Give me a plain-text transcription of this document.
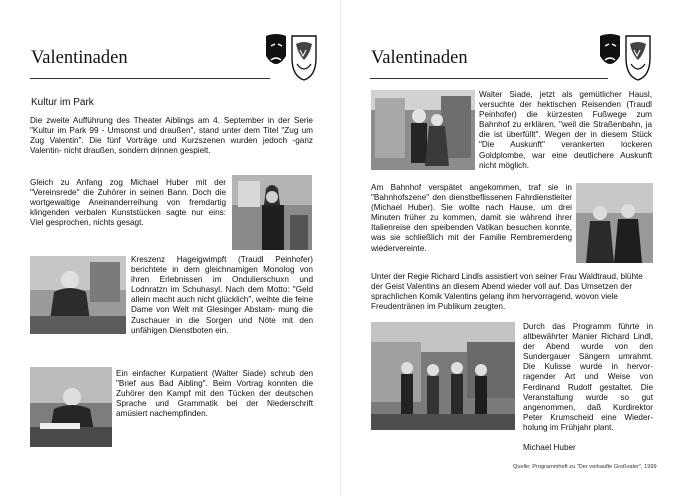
Valentinaden
Kultur im Park

Die zweite Aufführung des Theater Aiblings am 4. September in der Serie "Kultur im Park 99 - Umsonst und draußen", stand unter dem Titel "Zug um Zug Valentin". Die fünf Vorträge und Kurzszenen wurden jedoch -ganz Valentin- nicht draußen, sondern drinnen gespielt.

Gleich zu Anfang zog Michael Huber mit der "Vereinsrede" die Zuhörer in seinen Bann. Doch die wortgewaltige Aneinanderreihung von fremdartig klingenden verbalen Kunststücken sagte nur eins: Viel gesprochen, nichts gesagt.

Kreszenz Hageigwimpft (Traudl Peinhofer) berichtete in dem gleichnamigen Monolog von ihren Erlebnissen im Ondulierschuxn und Lodnratzn im Schuhasyl. Nach dem Motto: "Geld allein macht auch nicht glücklich", weihte die feine Dame von Welt mit Glesinger Abstam- mung die Zuschauer in die Sorgen und Nöte mit den unfähigen Dienstboten ein.

Ein einfacher Kurpatient (Walter Siade) schrub den "Brief aus Bad Aibling". Beim Vortrag konnten die Zuhörer den Kampf mit den Tücken der deutschen Sprache und Grammatik bei der Niederschrift amüsiert nachempfinden.

Valentinaden

Walter Siade, jetzt als gemütlicher Hausl, versuchte der hektischen Reisenden (Traudl Peinhofer) die kürzesten Fußwege zum Bahnhof zu erklären, "weil die Straßenbahn, ja die ist überfüllt". Wegen der in diesem Stück "Die Auskunft" verankerten lockeren Goldplombe, war eine deutlichere Auskunft nicht möglich.

Am Bahnhof verspätet angekommen, traf sie in "Bahnhofszene" den dienstbeflissenen Fahrdienstleiter (Michael Huber). Sie wollte nach Hause, um drei Minuten früher zu kommen, damit sie während ihrer Italienreise den speibenden Vatikan besuchen konnte, was sie schließlich mit der Familie Rembremerdeng wiedervereinte.

Unter der Regie Richard Lindls assistiert von seiner Frau Waldtraud, blühte der Geist Valentins an diesem Abend wieder voll auf. Das Umsetzen der sprachlichen Komik Valentins gelang ihm hervorragend, wovon viele Freudentränen im Publikum zeugten.

Durch das Programm führte in altbewährter Manier Richard Lindl, der Abend wurde von den Sundergauer Sängern umrahmt. Die Kulisse wurde in hervor- ragender Art und Weise von Ferdinand Rudolf gestaltet. Die Veranstaltung wurde so gut angenommen, daß Kurdirektor Peter Krumscheid eine Wieder- holung im Frühjahr plant.

Michael Huber
Quelle: Programmheft zu "Der verkaufte Großvater", 1999
